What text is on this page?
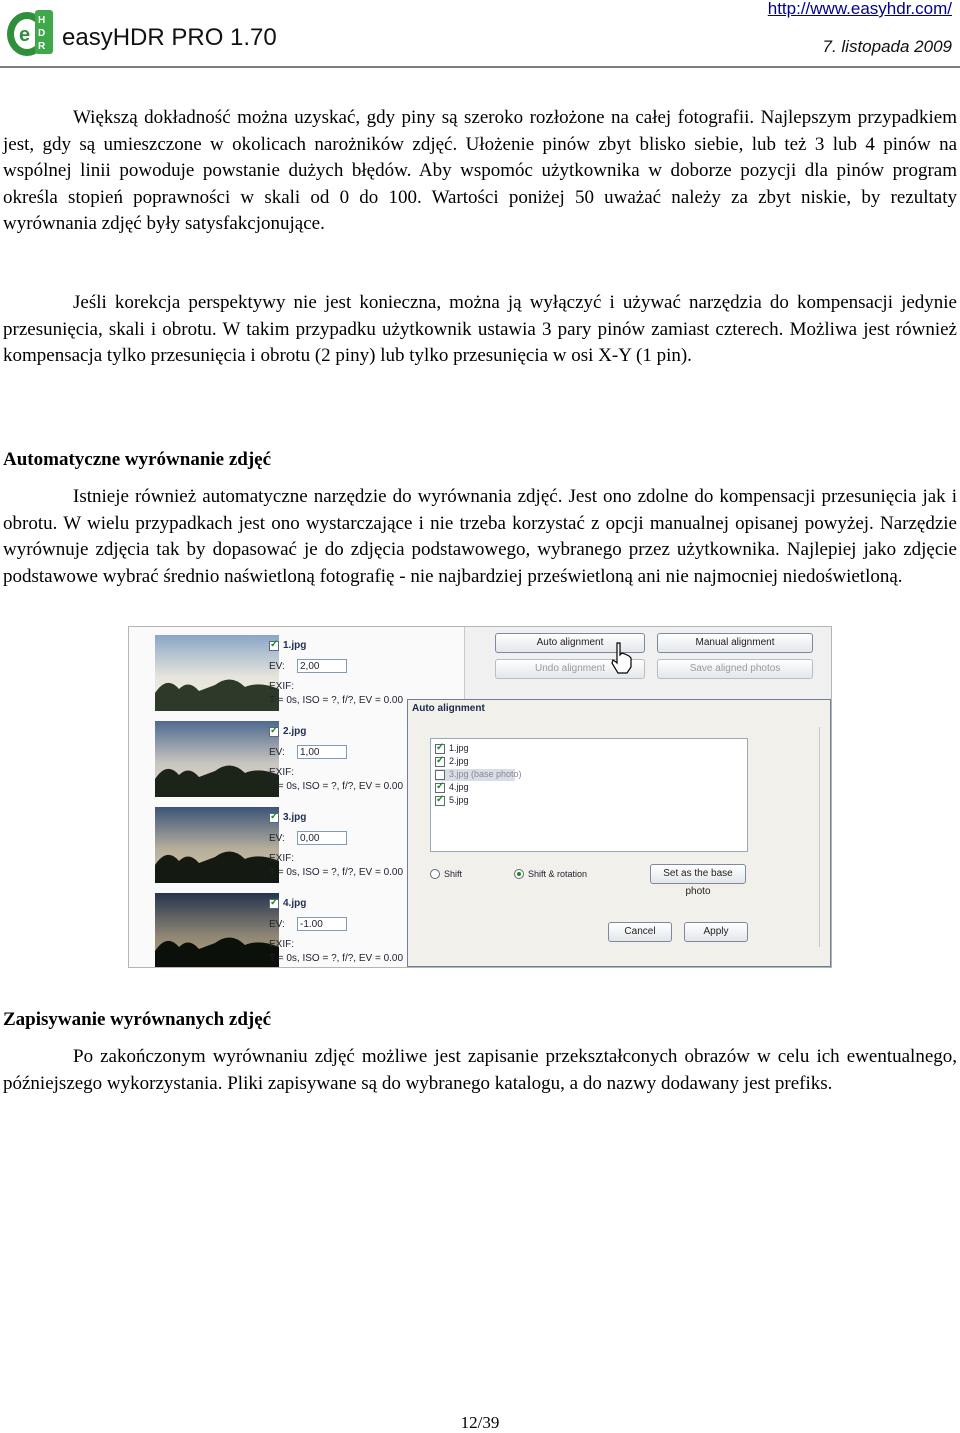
e
H
D
R easyHDR PRO 1.70
http://www.easyhdr.com/
7. listopada 2009

Większą dokładność można uzyskać, gdy piny są szeroko rozłożone na całej fotografii. Najlepszym przypadkiem jest, gdy są umieszczone w okolicach narożników zdjęć. Ułożenie pinów zbyt blisko siebie, lub też 3 lub 4 pinów na wspólnej linii powoduje powstanie dużych błędów. Aby wspomóc użytkownika w doborze pozycji dla pinów program określa stopień poprawności w skali od 0 do 100. Wartości poniżej 50 uważać należy za zbyt niskie, by rezultaty wyrównania zdjęć były satysfakcjonujące.

Jeśli korekcja perspektywy nie jest konieczna, można ją wyłączyć i używać narzędzia do kompensacji jedynie przesunięcia, skali i obrotu. W takim przypadku użytkownik ustawia 3 pary pinów zamiast czterech. Możliwa jest również kompensacja tylko przesunięcia i obrotu (2 piny) lub tylko przesunięcia w osi X-Y (1 pin).

Automatyczne wyrównanie zdjęć

Istnieje również automatyczne narzędzie do wyrównania zdjęć. Jest ono zdolne do kompensacji przesunięcia jak i obrotu. W wielu przypadkach jest ono wystarczające i nie trzeba korzystać z opcji manualnej opisanej powyżej. Narzędzie wyrównuje zdjęcia tak by dopasować je do zdjęcia podstawowego, wybranego przez użytkownika. Najlepiej jako zdjęcie podstawowe wybrać średnio naświetloną fotografię - nie najbardziej prześwietloną ani nie najmocniej niedoświetloną.

✓
1.jpg
EV:	2,00
EXIF:
T = 0s, ISO = ?, f/?, EV = 0.00
✓
2.jpg
EV:	1,00
EXIF:
T = 0s, ISO = ?, f/?, EV = 0.00
✓
3.jpg
EV:	0,00
EXIF:
T = 0s, ISO = ?, f/?, EV = 0.00
✓
4.jpg
EV:	-1.00
EXIF:
T = 0s, ISO = ?, f/?, EV = 0.00
Auto alignment	Manual alignment
Undo alignment	Save aligned photos
Auto alignment
✓
1.jpg
✓
2.jpg
3.jpg (base photo)
✓
4.jpg
✓
5.jpg
Shift	Shift & rotation	Set as the base photo
Cancel	Apply
Zapisywanie wyrównanych zdjęć

Po zakończonym wyrównaniu zdjęć możliwe jest zapisanie przekształconych obrazów w celu ich ewentualnego, późniejszego wykorzystania. Pliki zapisywane są do wybranego katalogu, a do nazwy dodawany jest prefiks.

12/39
